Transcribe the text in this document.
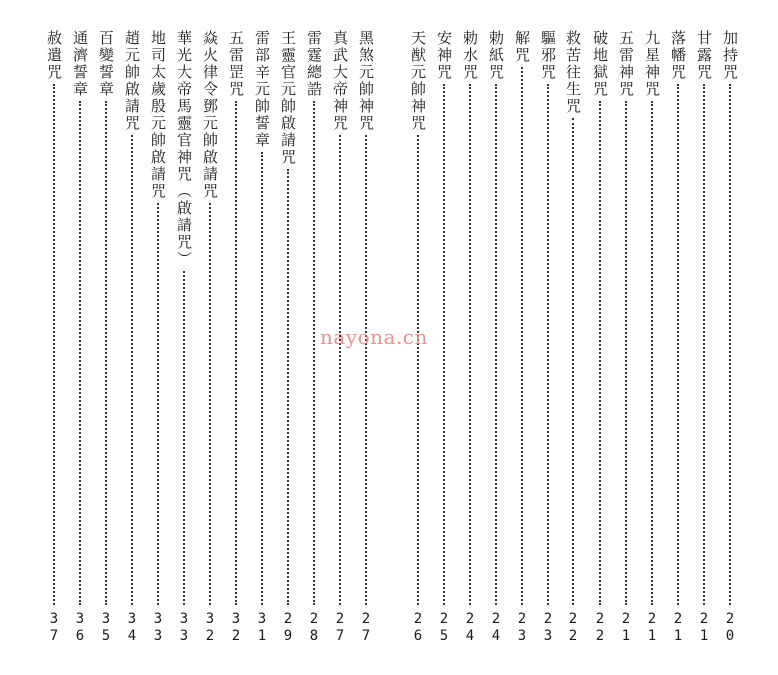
加持咒
20
甘露咒
21
落幡咒
21
九星神咒
21
五雷神咒
21
破地獄咒
22
救苦往生咒
22
驅邪咒
23
解咒
23
勅紙咒
24
勅水咒
24
安神咒
25
天猷元帥神咒
26
黑煞元帥神咒
27
真武大帝神咒
27
雷霆總誥
28
王靈官元帥啟請咒
29
雷部辛元帥誓章
31
五雷罡咒
32
焱火律令鄧元帥啟請咒
32
華光大帝馬靈官神咒（啟請咒）
33
地司太歲殷元帥啟請咒
33
趙元帥啟請咒
34
百變誓章
35
通濟誓章
36
赦遣咒
37
nayona.cn
